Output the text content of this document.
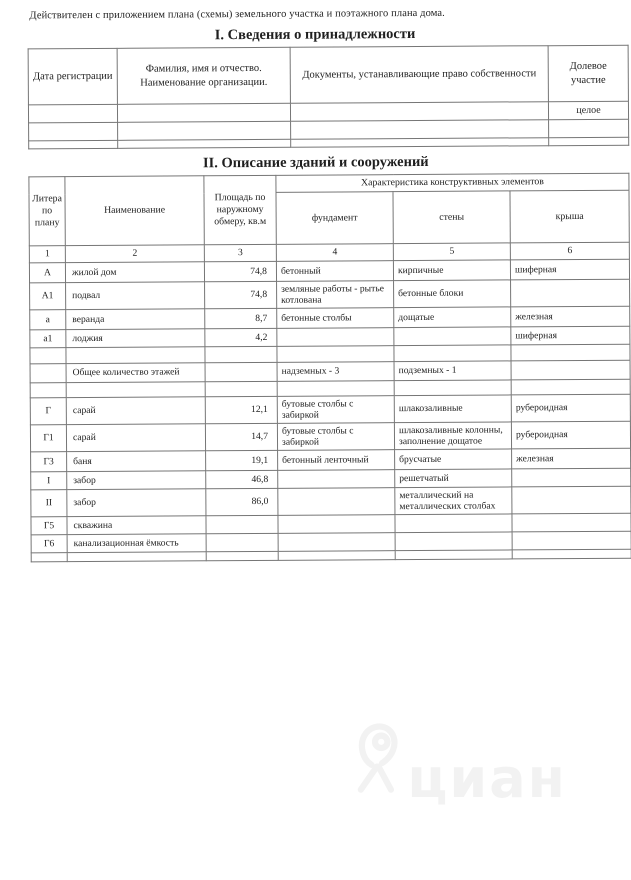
Действителен с приложением плана (схемы) земельного участка и поэтажного плана дома.
I. Сведения о принадлежности
Дата регистрации	Фамилия, имя и отчество. Наименование организации.	Документы, устанавливающие право собственности	Долевое участие
			целое

II. Описание зданий и сооружений
Литера по плану	Наименование	Площадь по наружному обмеру, кв.м	Характеристика конструктивных элементов		
			фундамент	стены	крыша
1	2	3	4	5	6
А	жилой дом	74,8	бетонный	кирпичные	шиферная
А1	подвал	74,8	земляные работы - рытье котлована	бетонные блоки	
а	веранда	8,7	бетонные столбы	дощатые	железная
а1	лоджия	4,2			шиферная

	Общее количество этажей		надземных - 3	подземных - 1	

Г	сарай	12,1	бутовые столбы с забиркой	шлакозаливные	рубероидная
Г1	сарай	14,7	бутовые столбы с забиркой	шлакозаливные колонны, заполнение дощатое	рубероидная
Г3	баня	19,1	бетонный ленточный	брусчатые	железная
I	забор	46,8		решетчатый	
II	забор	86,0		металлический на металлических столбах	
Г5	скважина				
Г6	канализационная ёмкость				

циан
